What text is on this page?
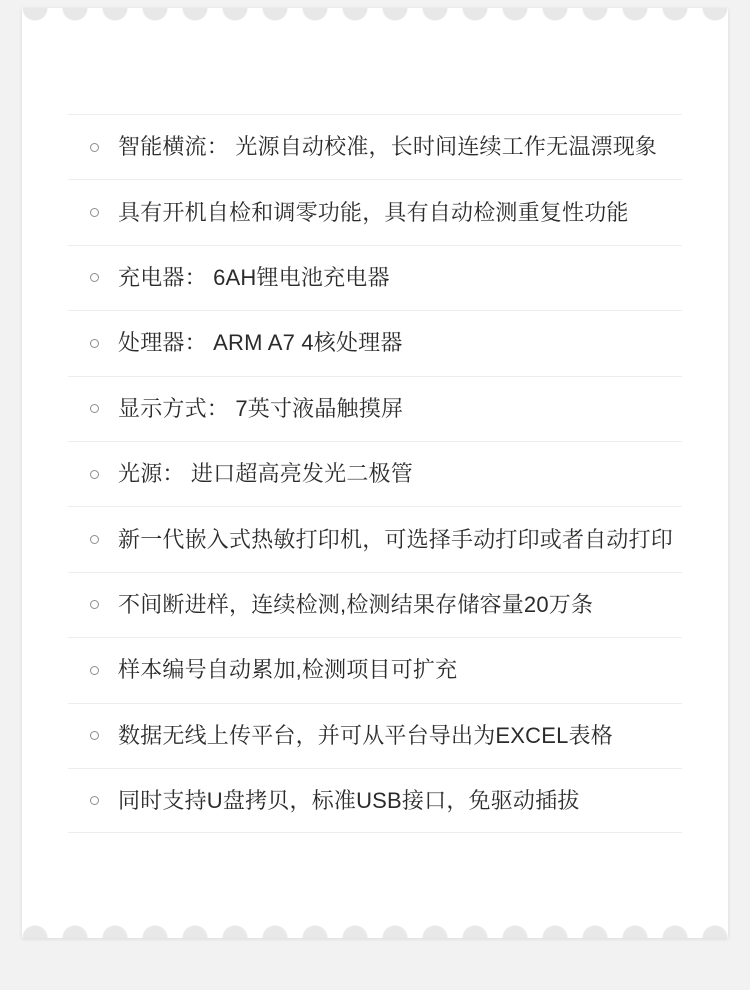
智能横流： 光源自动校准，长时间连续工作无温漂现象
具有开机自检和调零功能，具有自动检测重复性功能
充电器： 6AH锂电池充电器
处理器： ARM A7 4核处理器
显示方式： 7英寸液晶触摸屏
光源： 进口超高亮发光二极管
新一代嵌入式热敏打印机，可选择手动打印或者自动打印
不间断进样，连续检测,检测结果存储容量20万条
样本编号自动累加,检测项目可扩充
数据无线上传平台，并可从平台导出为EXCEL表格
同时支持U盘拷贝，标准USB接口，免驱动插拔
